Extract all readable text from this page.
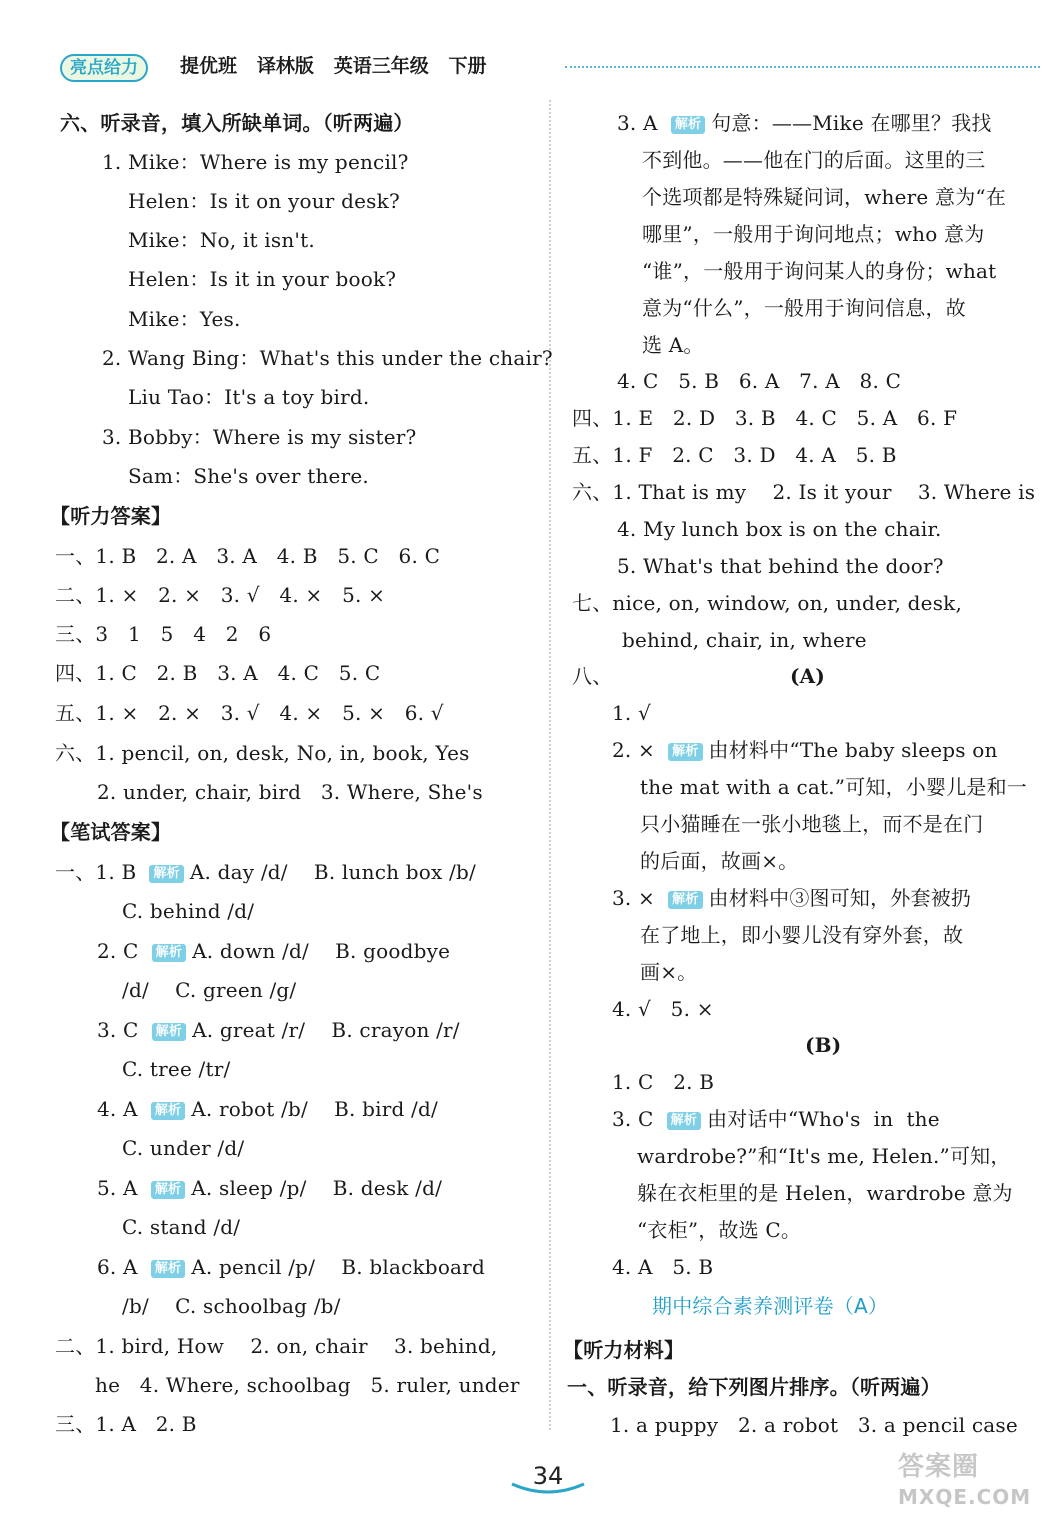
亮点给力	提优班   译林版   英语三年级   下册
六、听录音，填入所缺单词。（听两遍）
1. Mike：Where is my pencil?
Helen：Is it on your desk?
Mike：No, it isn't.
Helen：Is it in your book?
Mike：Yes.
2. Wang Bing：What's this under the chair?
Liu Tao：It's a toy bird.
3. Bobby：Where is my sister?
Sam：She's over there.
【听力答案】
一、1. B   2. A   3. A   4. B   5. C   6. C
二、1. ×   2. ×   3. √   4. ×   5. ×
三、3   1   5   4   2   6
四、1. C   2. B   3. A   4. C   5. C
五、1. ×   2. ×   3. √   4. ×   5. ×   6. √
六、1. pencil, on, desk, No, in, book, Yes
2. under, chair, bird   3. Where, She's
【笔试答案】
一、1. B 解析 A. day /d/    B. lunch box /b/
C. behind /d/
2. C 解析 A. down /d/    B. goodbye
/d/    C. green /g/
3. C 解析 A. great /r/    B. crayon /r/
C. tree /tr/
4. A 解析 A. robot /b/    B. bird /d/
C. under /d/
5. A 解析 A. sleep /p/    B. desk /d/
C. stand /d/
6. A 解析 A. pencil /p/    B. blackboard
/b/    C. schoolbag /b/
二、1. bird, How    2. on, chair    3. behind,
he   4. Where, schoolbag   5. ruler, under
三、1. A   2. B
3. A 解析 句意：——Mike 在哪里？我找
不到他。——他在门的后面。这里的三
个选项都是特殊疑问词，where 意为“在
哪里”，一般用于询问地点；who 意为
“谁”，一般用于询问某人的身份；what
意为“什么”，一般用于询问信息，故
选 A。
4. C   5. B   6. A   7. A   8. C
四、1. E   2. D   3. B   4. C   5. A   6. F
五、1. F   2. C   3. D   4. A   5. B
六、1. That is my    2. Is it your    3. Where is
4. My lunch box is on the chair.
5. What's that behind the door?
七、nice, on, window, on, under, desk,
behind, chair, in, where
八、	(A)
1. √
2. × 解析 由材料中“The baby sleeps on
the mat with a cat.”可知，小婴儿是和一
只小猫睡在一张小地毯上，而不是在门
的后面，故画×。
3. × 解析 由材料中③图可知，外套被扔
在了地上，即小婴儿没有穿外套，故
画×。
4. √   5. ×
(B)
1. C   2. B
3. C 解析 由对话中“Who's  in  the
wardrobe?”和“It's me, Helen.”可知，
躲在衣柜里的是 Helen，wardrobe 意为
“衣柜”，故选 C。
4. A   5. B
期中综合素养测评卷（A）
【听力材料】
一、听录音，给下列图片排序。（听两遍）
1. a puppy   2. a robot   3. a pencil case
34	答案圈
MXQE.COM
